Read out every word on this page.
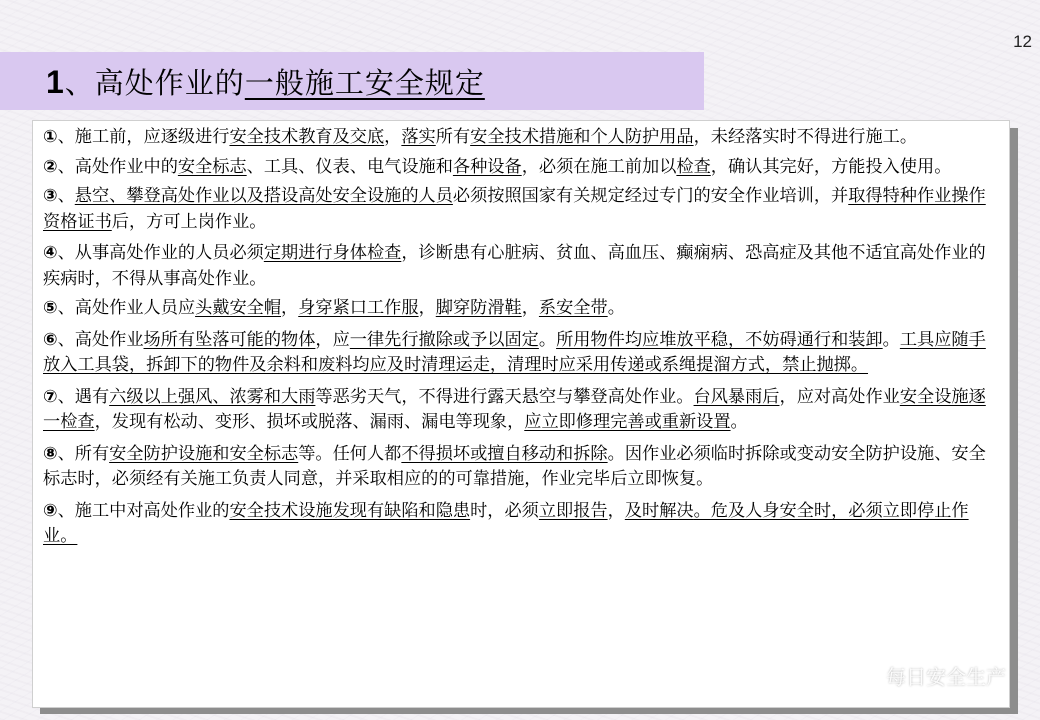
12
1、高处作业的一般施工安全规定

①、施工前，应逐级进行安全技术教育及交底，落实所有安全技术措施和个人防护用品，未经落实时不得进行施工。

②、高处作业中的安全标志、工具、仪表、电气设施和各种设备，必须在施工前加以检查，确认其完好，方能投入使用。

③、悬空、攀登高处作业以及搭设高处安全设施的人员必须按照国家有关规定经过专门的安全作业培训，并取得特种作业操作资格证书后，方可上岗作业。

④、从事高处作业的人员必须定期进行身体检查，诊断患有心脏病、贫血、高血压、癫痫病、恐高症及其他不适宜高处作业的疾病时，不得从事高处作业。

⑤、高处作业人员应头戴安全帽，身穿紧口工作服，脚穿防滑鞋，系安全带。

⑥、高处作业场所有坠落可能的物体，应一律先行撤除或予以固定。所用物件均应堆放平稳，不妨碍通行和装卸。工具应随手放入工具袋，拆卸下的物件及余料和废料均应及时清理运走，清理时应采用传递或系绳提溜方式，禁止抛掷。

⑦、遇有六级以上强风、浓雾和大雨等恶劣天气，不得进行露天悬空与攀登高处作业。台风暴雨后，应对高处作业安全设施逐一检查，发现有松动、变形、损坏或脱落、漏雨、漏电等现象，应立即修理完善或重新设置。

⑧、所有安全防护设施和安全标志等。任何人都不得损坏或擅自移动和拆除。因作业必须临时拆除或变动安全防护设施、安全标志时，必须经有关施工负责人同意，并采取相应的的可靠措施，作业完毕后立即恢复。

⑨、施工中对高处作业的安全技术设施发现有缺陷和隐患时，必须立即报告，及时解决。危及人身安全时，必须立即停止作业。

每日安全生产
